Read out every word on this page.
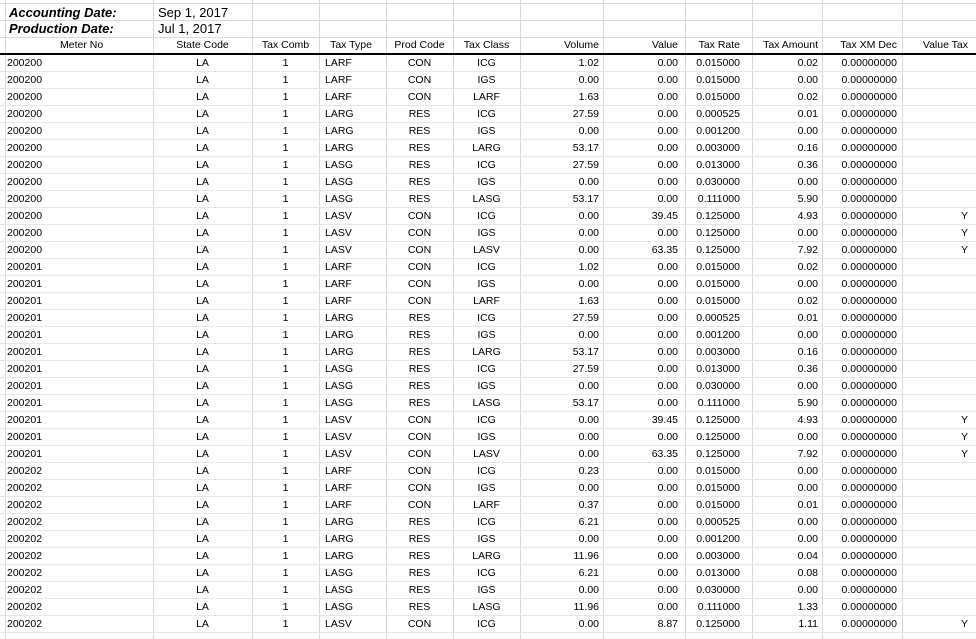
Accounting Date:	Sep 1, 2017
Production Date:	Jul 1, 2017
Meter No	State Code	Tax Comb	Tax Type	Prod Code	Tax Class	Volume	Value	Tax Rate	Tax Amount	Tax XM Dec	Value Tax
200200	LA	1	LARF	CON	ICG	1.02	0.00	0.015000	0.02	0.00000000
200200	LA	1	LARF	CON	IGS	0.00	0.00	0.015000	0.00	0.00000000
200200	LA	1	LARF	CON	LARF	1.63	0.00	0.015000	0.02	0.00000000
200200	LA	1	LARG	RES	ICG	27.59	0.00	0.000525	0.01	0.00000000
200200	LA	1	LARG	RES	IGS	0.00	0.00	0.001200	0.00	0.00000000
200200	LA	1	LARG	RES	LARG	53.17	0.00	0.003000	0.16	0.00000000
200200	LA	1	LASG	RES	ICG	27.59	0.00	0.013000	0.36	0.00000000
200200	LA	1	LASG	RES	IGS	0.00	0.00	0.030000	0.00	0.00000000
200200	LA	1	LASG	RES	LASG	53.17	0.00	0.111000	5.90	0.00000000
200200	LA	1	LASV	CON	ICG	0.00	39.45	0.125000	4.93	0.00000000	Y
200200	LA	1	LASV	CON	IGS	0.00	0.00	0.125000	0.00	0.00000000	Y
200200	LA	1	LASV	CON	LASV	0.00	63.35	0.125000	7.92	0.00000000	Y
200201	LA	1	LARF	CON	ICG	1.02	0.00	0.015000	0.02	0.00000000
200201	LA	1	LARF	CON	IGS	0.00	0.00	0.015000	0.00	0.00000000
200201	LA	1	LARF	CON	LARF	1.63	0.00	0.015000	0.02	0.00000000
200201	LA	1	LARG	RES	ICG	27.59	0.00	0.000525	0.01	0.00000000
200201	LA	1	LARG	RES	IGS	0.00	0.00	0.001200	0.00	0.00000000
200201	LA	1	LARG	RES	LARG	53.17	0.00	0.003000	0.16	0.00000000
200201	LA	1	LASG	RES	ICG	27.59	0.00	0.013000	0.36	0.00000000
200201	LA	1	LASG	RES	IGS	0.00	0.00	0.030000	0.00	0.00000000
200201	LA	1	LASG	RES	LASG	53.17	0.00	0.111000	5.90	0.00000000
200201	LA	1	LASV	CON	ICG	0.00	39.45	0.125000	4.93	0.00000000	Y
200201	LA	1	LASV	CON	IGS	0.00	0.00	0.125000	0.00	0.00000000	Y
200201	LA	1	LASV	CON	LASV	0.00	63.35	0.125000	7.92	0.00000000	Y
200202	LA	1	LARF	CON	ICG	0.23	0.00	0.015000	0.00	0.00000000
200202	LA	1	LARF	CON	IGS	0.00	0.00	0.015000	0.00	0.00000000
200202	LA	1	LARF	CON	LARF	0.37	0.00	0.015000	0.01	0.00000000
200202	LA	1	LARG	RES	ICG	6.21	0.00	0.000525	0.00	0.00000000
200202	LA	1	LARG	RES	IGS	0.00	0.00	0.001200	0.00	0.00000000
200202	LA	1	LARG	RES	LARG	11.96	0.00	0.003000	0.04	0.00000000
200202	LA	1	LASG	RES	ICG	6.21	0.00	0.013000	0.08	0.00000000
200202	LA	1	LASG	RES	IGS	0.00	0.00	0.030000	0.00	0.00000000
200202	LA	1	LASG	RES	LASG	11.96	0.00	0.111000	1.33	0.00000000
200202	LA	1	LASV	CON	ICG	0.00	8.87	0.125000	1.11	0.00000000	Y
